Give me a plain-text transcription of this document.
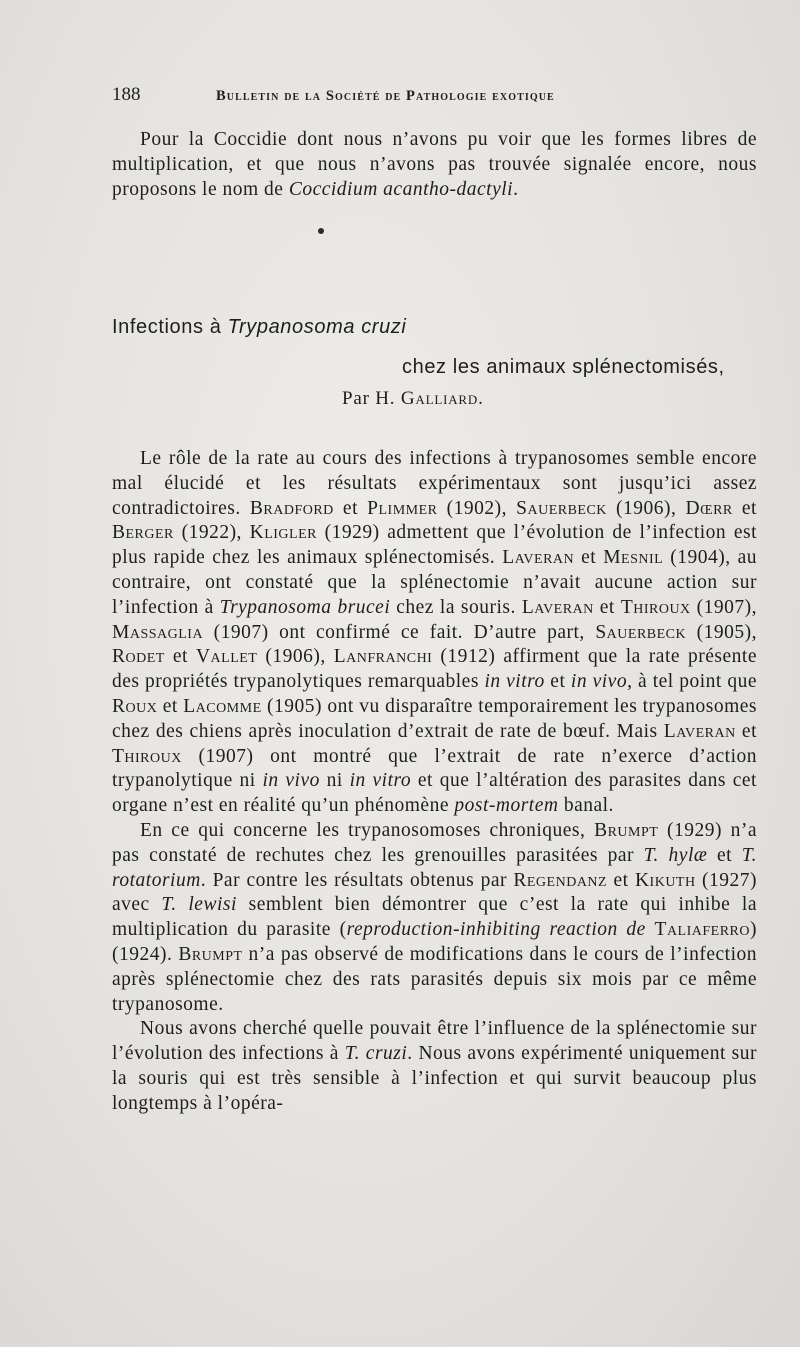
188	Bulletin de la Société de Pathologie exotique

Pour la Coccidie dont nous n’avons pu voir que les formes libres de multiplication, et que nous n’avons pas trouvée signalée encore, nous proposons le nom de Coccidium acantho-dactyli.

Infections à Trypanosoma cruzi
chez les animaux splénectomisés,
Par H. Galliard.

Le rôle de la rate au cours des infections à trypanosomes semble encore mal élucidé et les résultats expérimentaux sont jusqu’ici assez contradictoires. Bradford et Plimmer (1902), Sauerbeck (1906), Dœrr et Berger (1922), Kligler (1929) admettent que l’évolution de l’infection est plus rapide chez les animaux splénectomisés. Laveran et Mesnil (1904), au contraire, ont constaté que la splénectomie n’avait aucune action sur l’infection à Trypanosoma brucei chez la souris. Laveran et Thiroux (1907), Massaglia (1907) ont confirmé ce fait. D’autre part, Sauerbeck (1905), Rodet et Vallet (1906), Lanfranchi (1912) affirment que la rate présente des propriétés trypanolytiques remarquables in vitro et in vivo, à tel point que Roux et Lacomme (1905) ont vu disparaître temporairement les trypanosomes chez des chiens après inoculation d’extrait de rate de bœuf. Mais Laveran et Thiroux (1907) ont montré que l’extrait de rate n’exerce d’action trypanolytique ni in vivo ni in vitro et que l’altération des parasites dans cet organe n’est en réalité qu’un phénomène post-mortem banal.

En ce qui concerne les trypanosomoses chroniques, Brumpt (1929) n’a pas constaté de rechutes chez les grenouilles parasitées par T. hylæ et T. rotatorium. Par contre les résultats obtenus par Regendanz et Kikuth (1927) avec T. lewisi semblent bien démontrer que c’est la rate qui inhibe la multiplication du parasite (reproduction-inhibiting reaction de Taliaferro) (1924). Brumpt n’a pas observé de modifications dans le cours de l’infection après splénectomie chez des rats parasités depuis six mois par ce même trypanosome.

Nous avons cherché quelle pouvait être l’influence de la splénectomie sur l’évolution des infections à T. cruzi. Nous avons expérimenté uniquement sur la souris qui est très sensible à l’infection et qui survit beaucoup plus longtemps à l’opéra-
